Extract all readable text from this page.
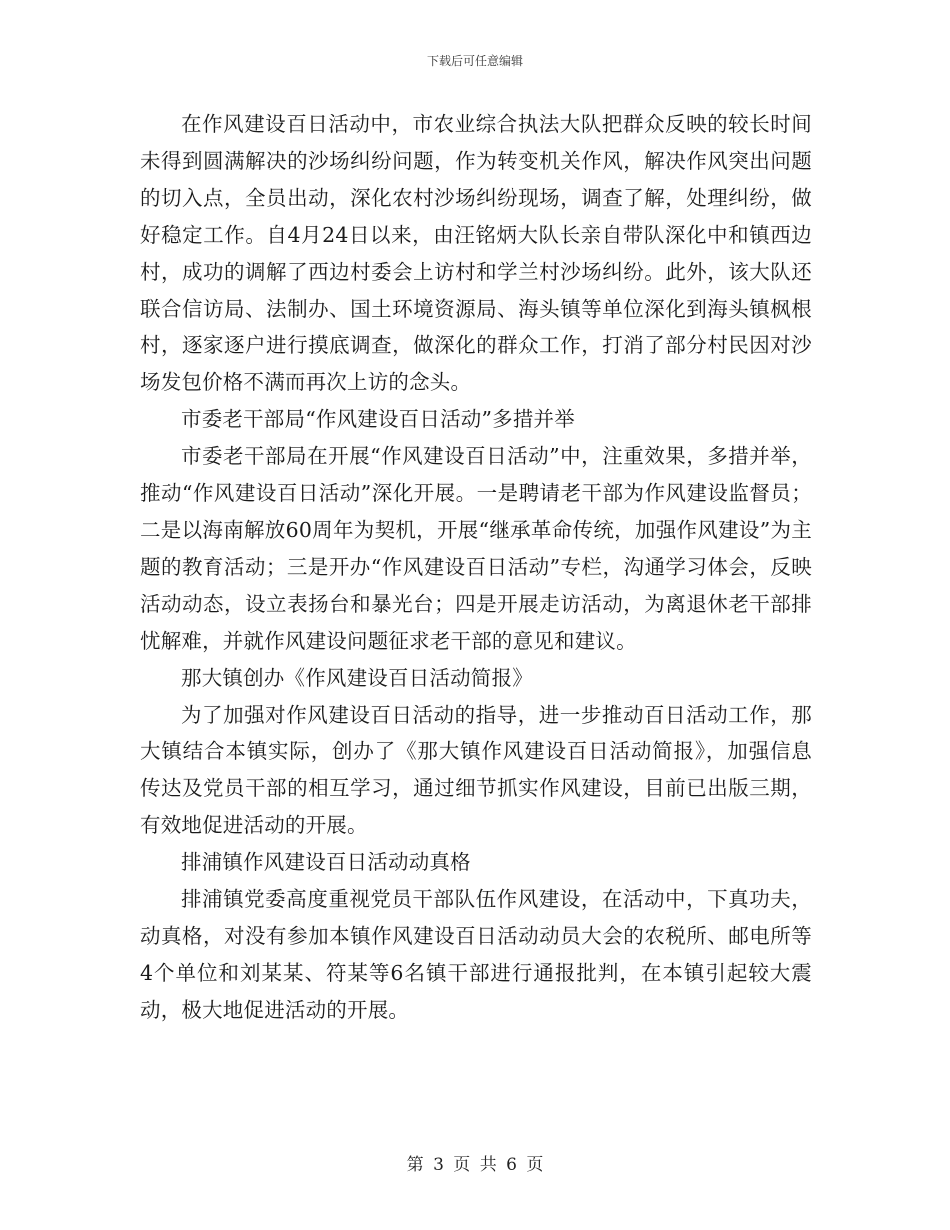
下载后可任意编辑

在作风建设百日活动中，市农业综合执法大队把群众反映的较长时间未得到圆满解决的沙场纠纷问题，作为转变机关作风，解决作风突出问题的切入点，全员出动，深化农村沙场纠纷现场，调查了解，处理纠纷，做好稳定工作。自4月24日以来，由汪铭炳大队长亲自带队深化中和镇西边村，成功的调解了西边村委会上访村和学兰村沙场纠纷。此外，该大队还联合信访局、法制办、国土环境资源局、海头镇等单位深化到海头镇枫根村，逐家逐户进行摸底调查，做深化的群众工作，打消了部分村民因对沙场发包价格不满而再次上访的念头。

市委老干部局“作风建设百日活动”多措并举

市委老干部局在开展“作风建设百日活动”中，注重效果，多措并举，推动“作风建设百日活动”深化开展。一是聘请老干部为作风建设监督员；二是以海南解放60周年为契机，开展“继承革命传统，加强作风建设”为主题的教育活动；三是开办“作风建设百日活动”专栏，沟通学习体会，反映活动动态，设立表扬台和暴光台；四是开展走访活动，为离退休老干部排忧解难，并就作风建设问题征求老干部的意见和建议。

那大镇创办《作风建设百日活动简报》

为了加强对作风建设百日活动的指导，进一步推动百日活动工作，那大镇结合本镇实际，创办了《那大镇作风建设百日活动简报》，加强信息传达及党员干部的相互学习，通过细节抓实作风建设，目前已出版三期，有效地促进活动的开展。

排浦镇作风建设百日活动动真格

排浦镇党委高度重视党员干部队伍作风建设，在活动中，下真功夫，动真格，对没有参加本镇作风建设百日活动动员大会的农税所、邮电所等4个单位和刘某某、符某等6名镇干部进行通报批判，在本镇引起较大震动，极大地促进活动的开展。

第 3 页 共 6 页
